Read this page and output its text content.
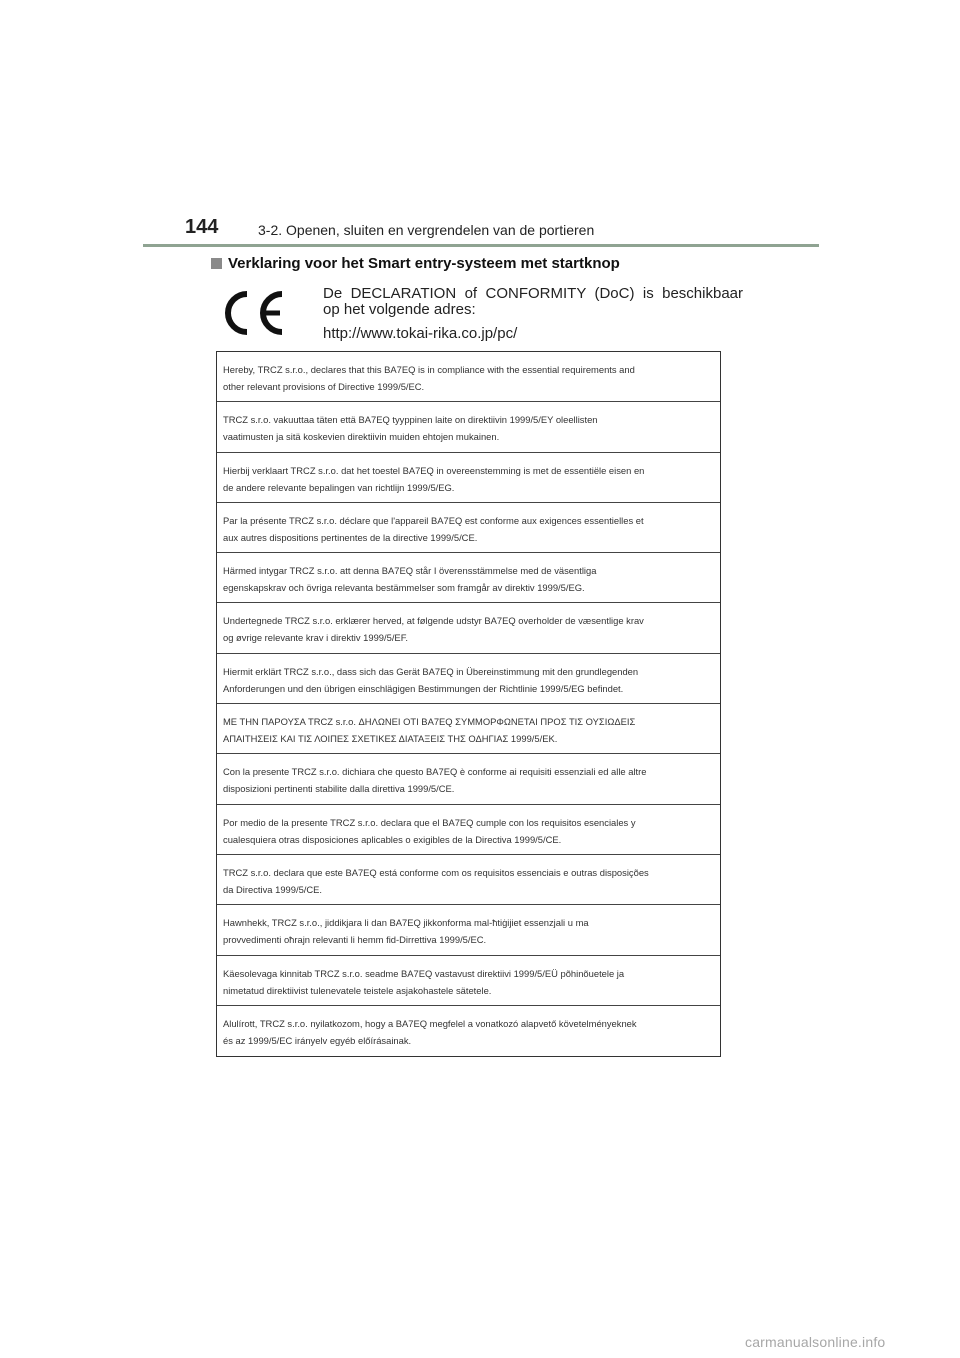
144	3-2. Openen, sluiten en vergrendelen van de portieren
Verklaring voor het Smart entry-systeem met startknop
De DECLARATION of CONFORMITY (DoC) is beschikbaar
op het volgende adres:
http://www.tokai-rika.co.jp/pc/
Hereby, TRCZ s.r.o., declares that this BA7EQ is in compliance with the essential requirements and
other relevant provisions of Directive 1999/5/EC.
TRCZ s.r.o. vakuuttaa täten että BA7EQ tyyppinen laite on direktiivin 1999/5/EY oleellisten
vaatimusten ja sitä koskevien direktiivin muiden ehtojen mukainen.
Hierbij verklaart TRCZ s.r.o. dat het toestel BA7EQ in overeenstemming is met de essentiële eisen en
de andere relevante bepalingen van richtlijn 1999/5/EG.
Par la présente TRCZ s.r.o. déclare que l'appareil BA7EQ est conforme aux exigences essentielles et
aux autres dispositions pertinentes de la directive 1999/5/CE.
Härmed intygar TRCZ s.r.o. att denna BA7EQ står I överensstämmelse med de väsentliga
egenskapskrav och övriga relevanta bestämmelser som framgår av direktiv 1999/5/EG.
Undertegnede TRCZ s.r.o. erklærer herved, at følgende udstyr BA7EQ overholder de væsentlige krav
og øvrige relevante krav i direktiv 1999/5/EF.
Hiermit erklärt TRCZ s.r.o., dass sich das Gerät BA7EQ in Übereinstimmung mit den grundlegenden
Anforderungen und den übrigen einschlägigen Bestimmungen der Richtlinie 1999/5/EG befindet.
ΜΕ ΤΗΝ ΠΑΡΟΥΣΑ TRCZ s.r.o. ΔΗΛΩΝΕΙ ΟΤΙ BA7EQ ΣΥΜΜΟΡΦΩΝΕΤΑΙ ΠΡΟΣ ΤΙΣ ΟΥΣΙΩΔΕΙΣ
ΑΠΑΙΤΗΣΕΙΣ ΚΑΙ ΤΙΣ ΛΟΙΠΕΣ ΣΧΕΤΙΚΕΣ ΔΙΑΤΑΞΕΙΣ ΤΗΣ ΟΔΗΓΙΑΣ 1999/5/ΕΚ.
Con la presente TRCZ s.r.o. dichiara che questo BA7EQ è conforme ai requisiti essenziali ed alle altre
disposizioni pertinenti stabilite dalla direttiva 1999/5/CE.
Por medio de la presente TRCZ s.r.o. declara que el BA7EQ cumple con los requisitos esenciales y
cualesquiera otras disposiciones aplicables o exigibles de la Directiva 1999/5/CE.
TRCZ s.r.o. declara que este BA7EQ está conforme com os requisitos essenciais e outras disposições
da Directiva 1999/5/CE.
Hawnhekk, TRCZ s.r.o., jiddikjara li dan BA7EQ jikkonforma mal-ħtiġijiet essenzjali u ma
provvedimenti oħrajn relevanti li hemm fid-Dirrettiva 1999/5/EC.
Käesolevaga kinnitab TRCZ s.r.o. seadme BA7EQ vastavust direktiivi 1999/5/EÜ põhinõuetele ja
nimetatud direktiivist tulenevatele teistele asjakohastele sätetele.
Alulírott, TRCZ s.r.o. nyilatkozom, hogy a BA7EQ megfelel a vonatkozó alapvető követelményeknek
és az 1999/5/EC irányelv egyéb előírásainak.
carmanualsonline.info
